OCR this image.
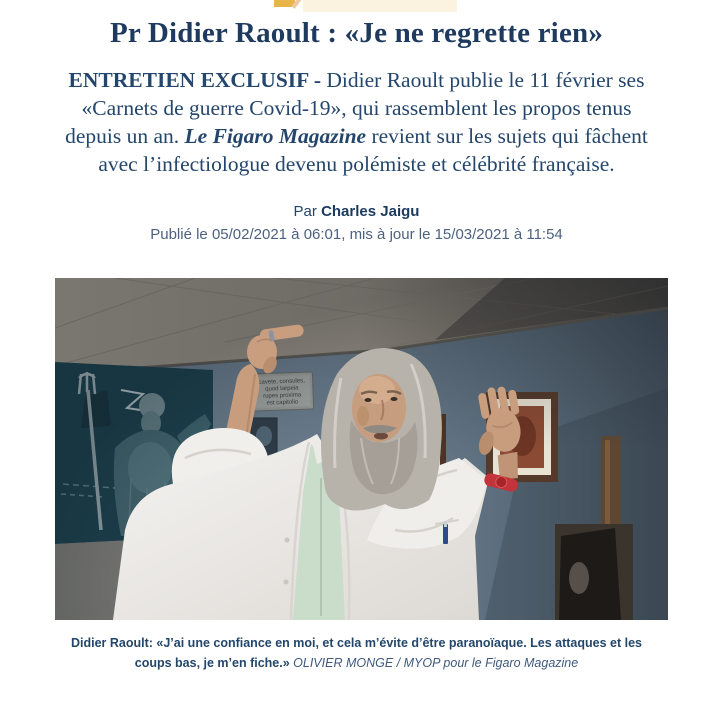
Pr Didier Raoult : «Je ne regrette rien»

ENTRETIEN EXCLUSIF - Didier Raoult publie le 11 février ses «Carnets de guerre Covid-19», qui rassemblent les propos tenus depuis un an. Le Figaro Magazine revient sur les sujets qui fâchent avec l’infectiologue devenu polémiste et célébrité française.

Par Charles Jaigu
Publié le 05/02/2021 à 06:01, mis à jour le 15/03/2021 à 11:54
Didier Raoult: «J’ai une confiance en moi, et cela m’évite d’être paranoïaque. Les attaques et les coups bas, je m’en fiche.» OLIVIER MONGE / MYOP pour le Figaro Magazine
